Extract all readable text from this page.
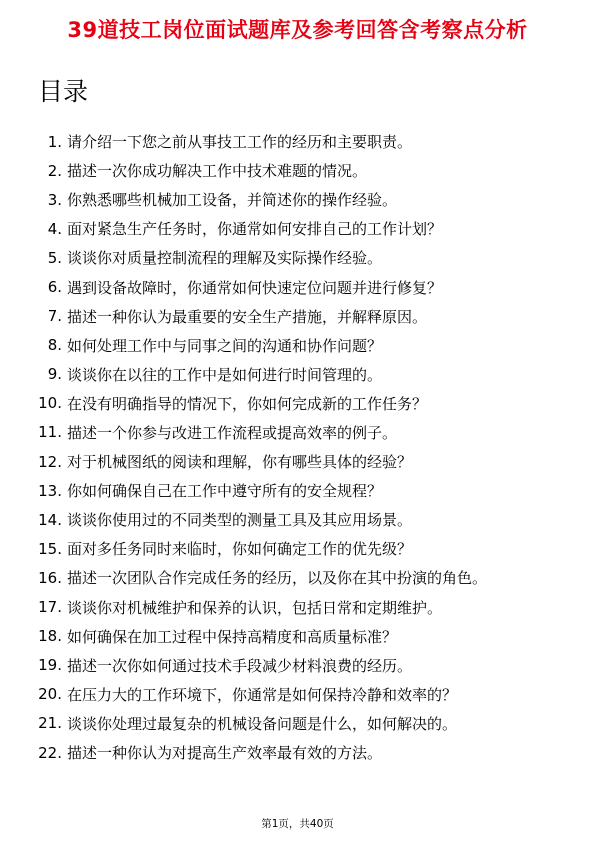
39道技工岗位面试题库及参考回答含考察点分析
目录
1. 请介绍一下您之前从事技工工作的经历和主要职责。
2. 描述一次你成功解决工作中技术难题的情况。
3. 你熟悉哪些机械加工设备，并简述你的操作经验。
4. 面对紧急生产任务时，你通常如何安排自己的工作计划？
5. 谈谈你对质量控制流程的理解及实际操作经验。
6. 遇到设备故障时，你通常如何快速定位问题并进行修复？
7. 描述一种你认为最重要的安全生产措施，并解释原因。
8. 如何处理工作中与同事之间的沟通和协作问题？
9. 谈谈你在以往的工作中是如何进行时间管理的。
10. 在没有明确指导的情况下，你如何完成新的工作任务？
11. 描述一个你参与改进工作流程或提高效率的例子。
12. 对于机械图纸的阅读和理解，你有哪些具体的经验？
13. 你如何确保自己在工作中遵守所有的安全规程？
14. 谈谈你使用过的不同类型的测量工具及其应用场景。
15. 面对多任务同时来临时，你如何确定工作的优先级？
16. 描述一次团队合作完成任务的经历，以及你在其中扮演的角色。
17. 谈谈你对机械维护和保养的认识，包括日常和定期维护。
18. 如何确保在加工过程中保持高精度和高质量标准？
19. 描述一次你如何通过技术手段减少材料浪费的经历。
20. 在压力大的工作环境下，你通常是如何保持冷静和效率的？
21. 谈谈你处理过最复杂的机械设备问题是什么，如何解决的。
22. 描述一种你认为对提高生产效率最有效的方法。
第1页，共40页
